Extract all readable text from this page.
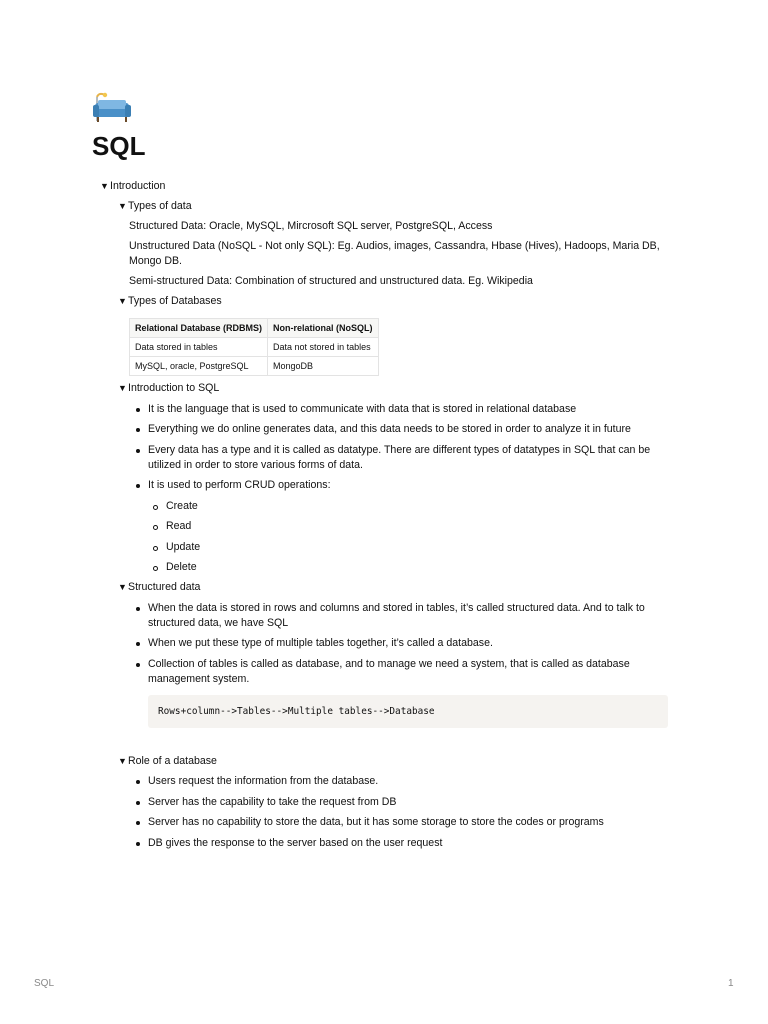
SQL
▼ Introduction
▼ Types of data
Structured Data: Oracle, MySQL, Mircrosoft SQL server, PostgreSQL, Access
Unstructured Data (NoSQL - Not only SQL): Eg. Audios, images, Cassandra, Hbase (Hives), Hadoops, Maria DB, Mongo DB.
Semi-structured Data: Combination of structured and unstructured data. Eg. Wikipedia
▼ Types of Databases
Relational Database (RDBMS)	Non-relational (NoSQL)
Data stored in tables	Data not stored in tables
MySQL, oracle, PostgreSQL	MongoDB
▼ Introduction to SQL
It is the language that is used to communicate with data that is stored in relational database
Everything we do online generates data, and this data needs to be stored in order to analyze it in future
Every data has a type and it is called as datatype. There are different types of datatypes in SQL that can be utilized in order to store various forms of data.
It is used to perform CRUD operations:
Create
Read
Update
Delete
▼ Structured data
When the data is stored in rows and columns and stored in tables, it’s called structured data. And to talk to structured data, we have SQL
When we put these type of multiple tables together, it’s called a database.
Collection of tables is called as database, and to manage we need a system, that is called as database management system.
Rows+column-->Tables-->Multiple tables-->Database
▼ Role of a database
Users request the information from the database.
Server has the capability to take the request from DB
Server has no capability to store the data, but it has some storage to store the codes or programs
DB gives the response to the server based on the user request
SQL	1
